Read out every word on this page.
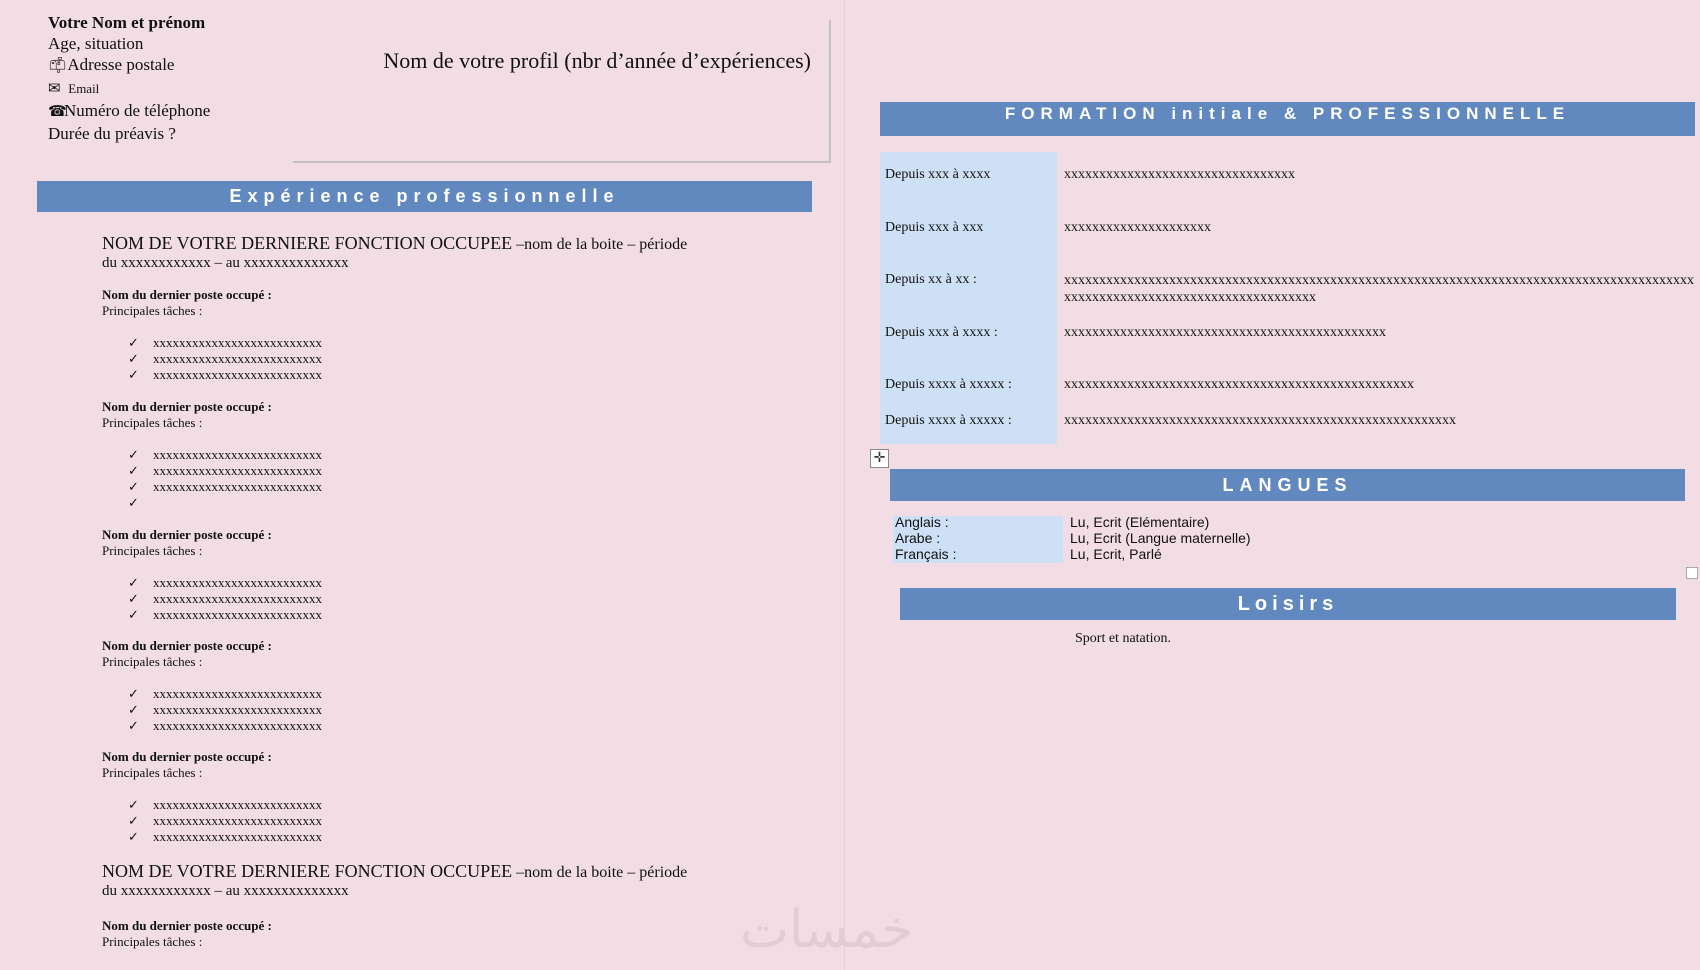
Votre Nom et prénom
Age, situation
📫︎ Adresse postale
✉ Email
☎Numéro de téléphone
Durée du préavis ?
Nom de votre profil (nbr d’année d’expériences)
Expérience professionnelle
NOM DE VOTRE DERNIERE FONCTION OCCUPEE –nom de la boite – période
du xxxxxxxxxxxx – au xxxxxxxxxxxxxx
Nom du dernier poste occupé :
Principales tâches :
✓ xxxxxxxxxxxxxxxxxxxxxxxxxx
✓ xxxxxxxxxxxxxxxxxxxxxxxxxx
✓ xxxxxxxxxxxxxxxxxxxxxxxxxx
Nom du dernier poste occupé :
Principales tâches :
✓ xxxxxxxxxxxxxxxxxxxxxxxxxx
✓ xxxxxxxxxxxxxxxxxxxxxxxxxx
✓ xxxxxxxxxxxxxxxxxxxxxxxxxx
✓
Nom du dernier poste occupé :
Principales tâches :
✓ xxxxxxxxxxxxxxxxxxxxxxxxxx
✓ xxxxxxxxxxxxxxxxxxxxxxxxxx
✓ xxxxxxxxxxxxxxxxxxxxxxxxxx
Nom du dernier poste occupé :
Principales tâches :
✓ xxxxxxxxxxxxxxxxxxxxxxxxxx
✓ xxxxxxxxxxxxxxxxxxxxxxxxxx
✓ xxxxxxxxxxxxxxxxxxxxxxxxxx
Nom du dernier poste occupé :
Principales tâches :
✓ xxxxxxxxxxxxxxxxxxxxxxxxxx
✓ xxxxxxxxxxxxxxxxxxxxxxxxxx
✓ xxxxxxxxxxxxxxxxxxxxxxxxxx
NOM DE VOTRE DERNIERE FONCTION OCCUPEE –nom de la boite – période
du xxxxxxxxxxxx – au xxxxxxxxxxxxxx
Nom du dernier poste occupé :
Principales tâches :
FORMATION initiale & PROFESSIONNELLE
Depuis xxx à xxxx	xxxxxxxxxxxxxxxxxxxxxxxxxxxxxxxxx
Depuis xxx à xxx	xxxxxxxxxxxxxxxxxxxxx
Depuis xx à xx :	xxxxxxxxxxxxxxxxxxxxxxxxxxxxxxxxxxxxxxxxxxxxxxxxxxxxxxxxxxxxxxxxxxxxxxxxxxxxxxxxxxxxxxxxxxxxxxxxxxxxxxxxxxxxxxxxxxxxxxxxxxxxxx
Depuis xxx à xxxx :	xxxxxxxxxxxxxxxxxxxxxxxxxxxxxxxxxxxxxxxxxxxxxx
Depuis xxxx à xxxxx :	xxxxxxxxxxxxxxxxxxxxxxxxxxxxxxxxxxxxxxxxxxxxxxxxxx
Depuis xxxx à xxxxx :	xxxxxxxxxxxxxxxxxxxxxxxxxxxxxxxxxxxxxxxxxxxxxxxxxxxxxxxx
✛
LANGUES
Anglais :	Lu, Ecrit (Elémentaire)
Arabe :	Lu, Ecrit (Langue maternelle)
Français :	Lu, Ecrit, Parlé
Loisirs
Sport et natation.
خمسات
